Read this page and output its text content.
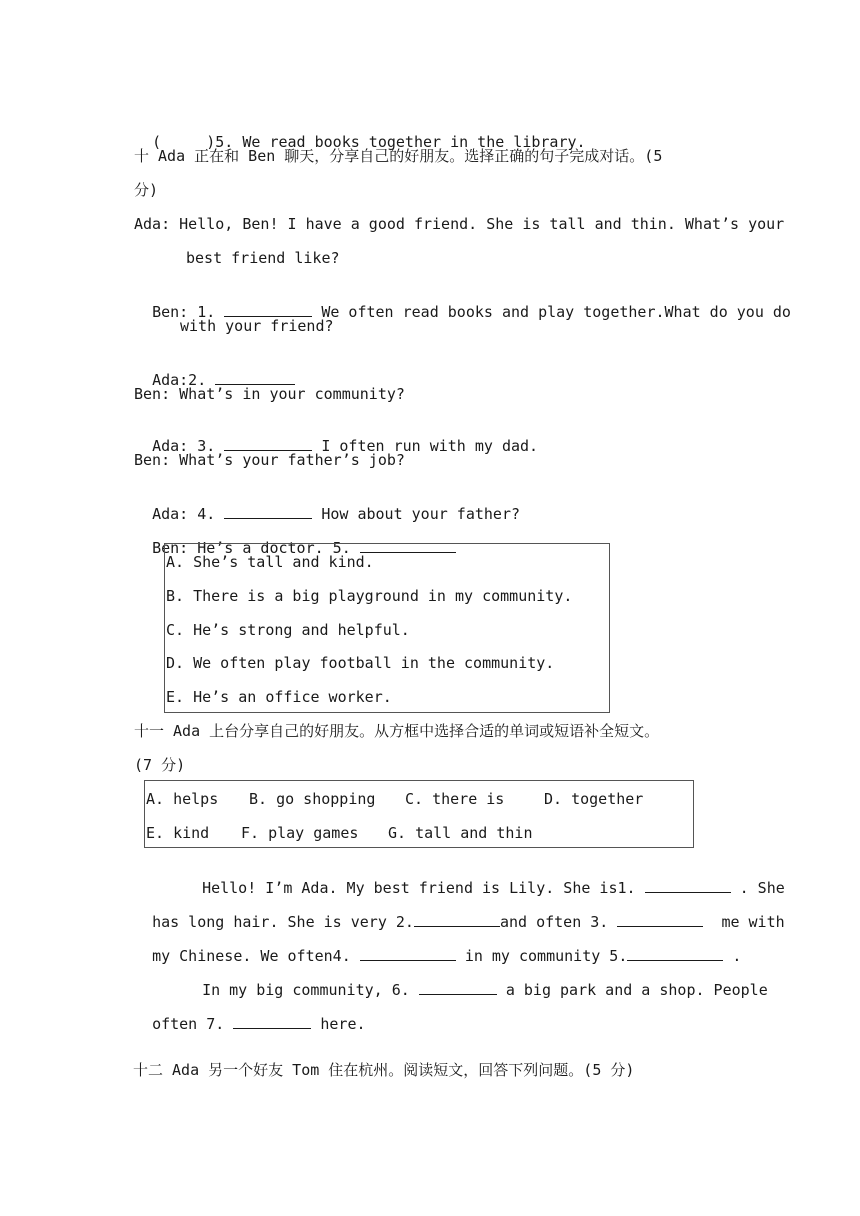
(     )5. We read books together in the library.

十 Ada 正在和 Ben 聊天，分享自己的好朋友。选择正确的句子完成对话。(5
分)
Ada: Hello, Ben! I have a good friend. She is tall and thin. What’s your
best friend like?

Ben: 1.	We often read books and play together.What do you do

with your friend?

Ada:2.

Ben: What’s in your community?

Ada: 3.	I often run with my dad.

Ben: What’s your father’s job?

Ada: 4.	How about your father?

Ben: He’s a doctor. 5.

A. She’s tall and kind.
B. There is a big playground in my community.
C. He’s strong and helpful.
D. We often play football in the community.
E. He’s an office worker.
十一 Ada 上台分享自己的好朋友。从方框中选择合适的单词或短语补全短文。
(7 分)
A. helps B. go shopping C. there is	D. together
E. kind F. play games G. tall and thin

Hello! I’m Ada. My best friend is Lily. She is1.	. She

has long hair. She is very 2.	and often 3.	me with

my Chinese. We often4.	in my community 5.	.

In my big community, 6.	a big park and a shop. People

often 7.	here.

十二 Ada 另一个好友 Tom 住在杭州。阅读短文，回答下列问题。(5 分)
